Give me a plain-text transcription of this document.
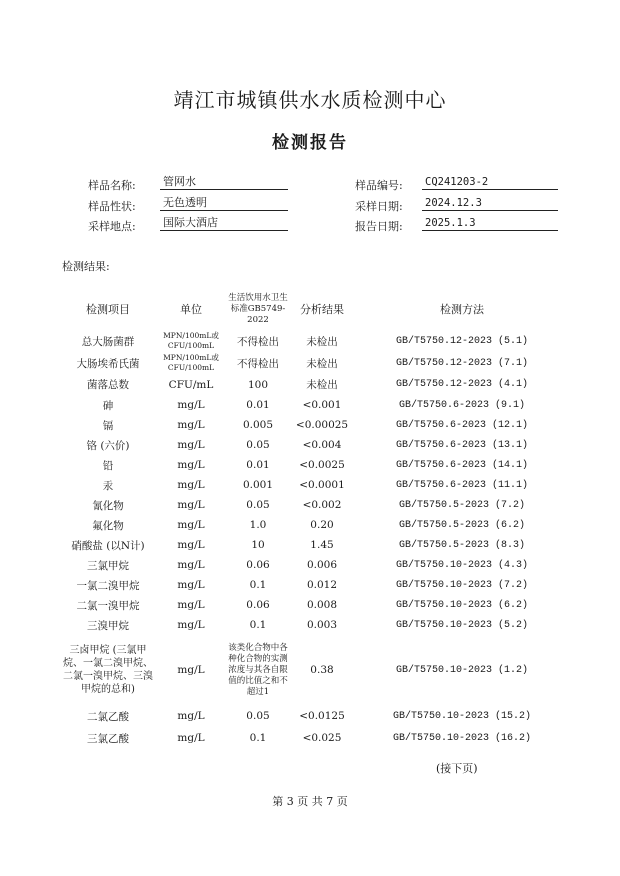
靖江市城镇供水水质检测中心
检测报告
样品名称: 管网水
样品性状: 无色透明
采样地点: 国际大酒店
样品编号: CQ241203-2
采样日期: 2024.12.3
报告日期: 2025.1.3
检测结果:
检测项目	单位	生活饮用水卫生标准GB5749-2022	分析结果	检测方法
总大肠菌群	MPN/100mL或CFU/100mL	不得检出	未检出	GB/T5750.12-2023 (5.1)
大肠埃希氏菌	MPN/100mL或CFU/100mL	不得检出	未检出	GB/T5750.12-2023 (7.1)
菌落总数	CFU/mL	100	未检出	GB/T5750.12-2023 (4.1)
砷	mg/L	0.01	<0.001	GB/T5750.6-2023 (9.1)
镉	mg/L	0.005	<0.00025	GB/T5750.6-2023 (12.1)
铬 (六价)	mg/L	0.05	<0.004	GB/T5750.6-2023 (13.1)
铅	mg/L	0.01	<0.0025	GB/T5750.6-2023 (14.1)
汞	mg/L	0.001	<0.0001	GB/T5750.6-2023 (11.1)
氰化物	mg/L	0.05	<0.002	GB/T5750.5-2023 (7.2)
氟化物	mg/L	1.0	0.20	GB/T5750.5-2023 (6.2)
硝酸盐 (以N计)	mg/L	10	1.45	GB/T5750.5-2023 (8.3)
三氯甲烷	mg/L	0.06	0.006	GB/T5750.10-2023 (4.3)
一氯二溴甲烷	mg/L	0.1	0.012	GB/T5750.10-2023 (7.2)
二氯一溴甲烷	mg/L	0.06	0.008	GB/T5750.10-2023 (6.2)
三溴甲烷	mg/L	0.1	0.003	GB/T5750.10-2023 (5.2)
三卤甲烷 (三氯甲烷、一氯二溴甲烷、二氯一溴甲烷、三溴甲烷的总和)	mg/L	该类化合物中各种化合物的实测浓度与其各自限值的比值之和不超过1	0.38	GB/T5750.10-2023 (1.2)
二氯乙酸	mg/L	0.05	<0.0125	GB/T5750.10-2023 (15.2)
三氯乙酸	mg/L	0.1	<0.025	GB/T5750.10-2023 (16.2)
(接下页)
第 3 页 共 7 页
